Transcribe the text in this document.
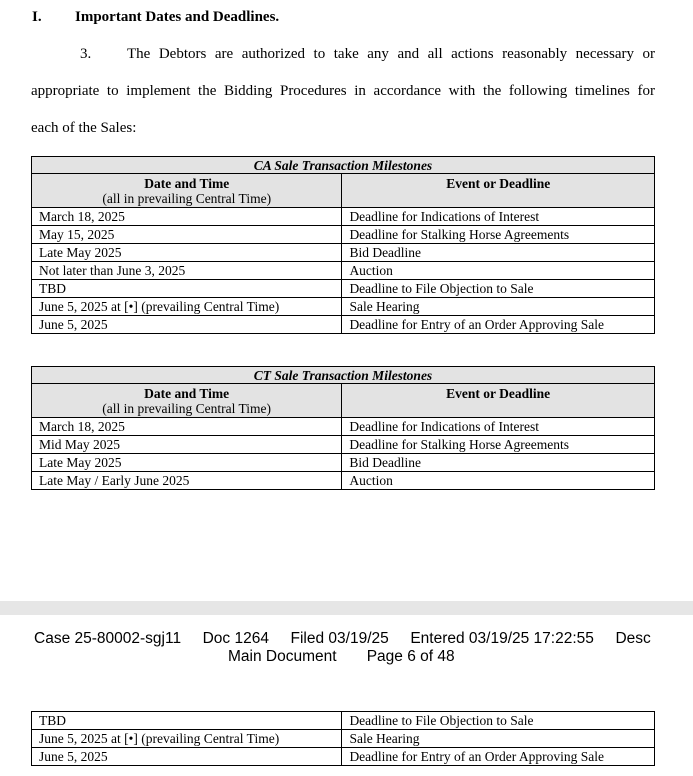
I. Important Dates and Deadlines.
3. The Debtors are authorized to take any and all actions reasonably necessary or
appropriate to implement the Bidding Procedures in accordance with the following timelines for
each of the Sales:
CA Sale Transaction Milestones	

Date and Time
(all in prevailing Central Time)	Event or Deadline

March 18, 2025	Deadline for Indications of Interest
May 15, 2025	Deadline for Stalking Horse Agreements
Late May 2025	Bid Deadline
Not later than June 3, 2025	Auction
TBD	Deadline to File Objection to Sale
June 5, 2025 at [•] (prevailing Central Time)	Sale Hearing
June 5, 2025	Deadline for Entry of an Order Approving Sale
CT Sale Transaction Milestones	

Date and Time
(all in prevailing Central Time)	Event or Deadline

March 18, 2025	Deadline for Indications of Interest
Mid May 2025	Deadline for Stalking Horse Agreements
Late May 2025	Bid Deadline
Late May / Early June 2025	Auction
Case 25-80002-sgj11 Doc 1264 Filed 03/19/25 Entered 03/19/25 17:22:55 Desc
Main Document Page 6 of 48
TBD	Deadline to File Objection to Sale
June 5, 2025 at [•] (prevailing Central Time)	Sale Hearing
June 5, 2025	Deadline for Entry of an Order Approving Sale
